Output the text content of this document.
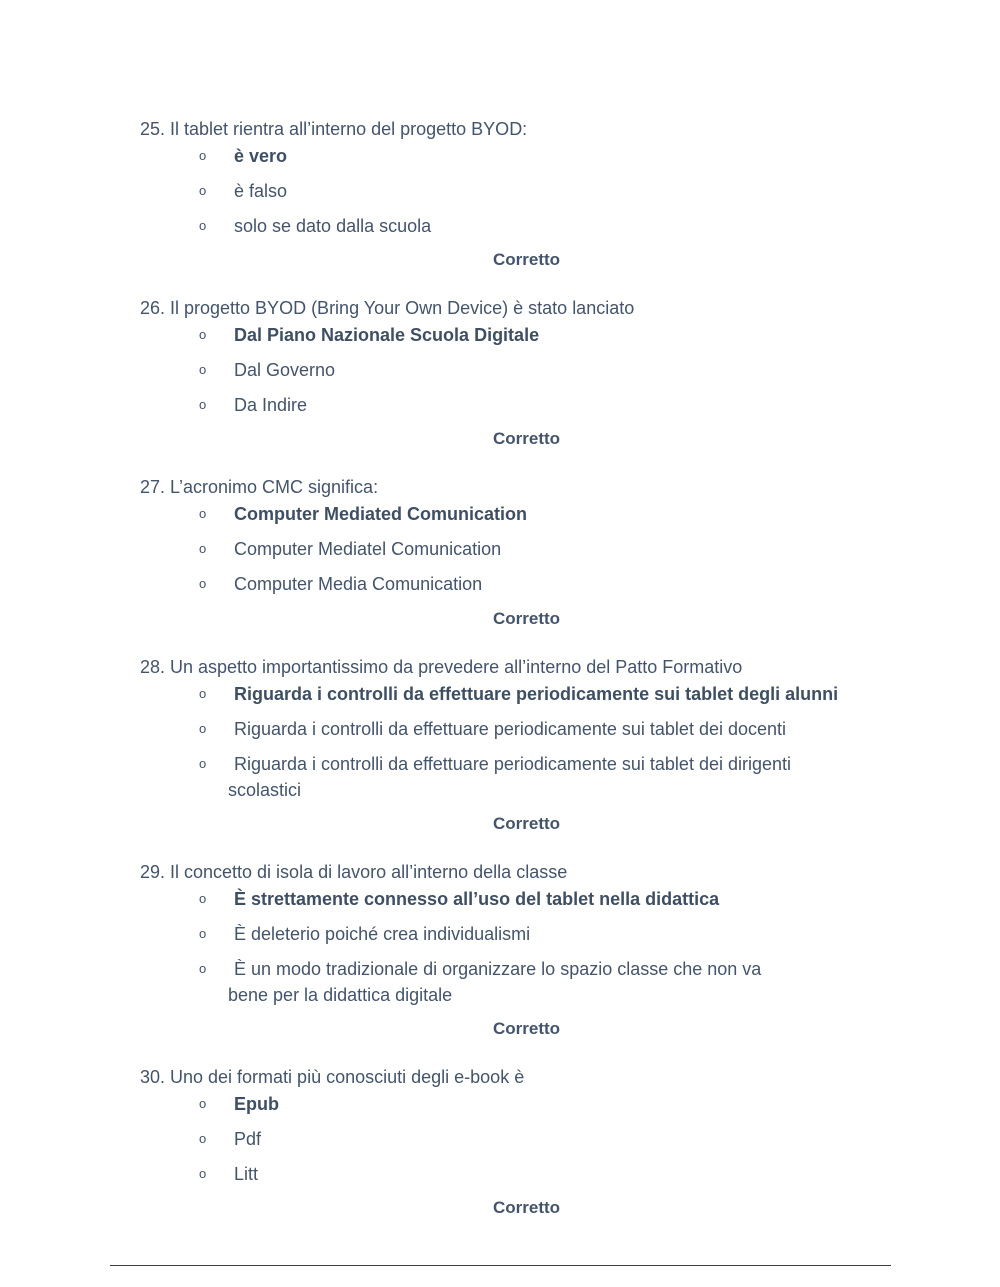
25. Il tablet rientra all’interno del progetto BYOD:
o è vero
o è falso
o solo se dato dalla scuola
Corretto
26. Il progetto BYOD (Bring Your Own Device) è stato lanciato
o Dal Piano Nazionale Scuola Digitale
o Dal Governo
o Da Indire
Corretto
27. L’acronimo CMC significa:
o Computer Mediated Comunication
o Computer Mediatel Comunication
o Computer Media Comunication
Corretto
28. Un aspetto importantissimo da prevedere all’interno del Patto Formativo
o Riguarda i controlli da effettuare periodicamente sui tablet degli alunni
o Riguarda i controlli da effettuare periodicamente sui tablet dei docenti
o Riguarda i controlli da effettuare periodicamente sui tablet dei dirigenti scolastici
Corretto
29. Il concetto di isola di lavoro all’interno della classe
o È strettamente connesso all’uso del tablet nella didattica
o È deleterio poiché crea individualismi
o È un modo tradizionale di organizzare lo spazio classe che non va bene per la didattica digitale
Corretto
30. Uno dei formati più conosciuti degli e-book è
o Epub
o Pdf
o Litt
Corretto
